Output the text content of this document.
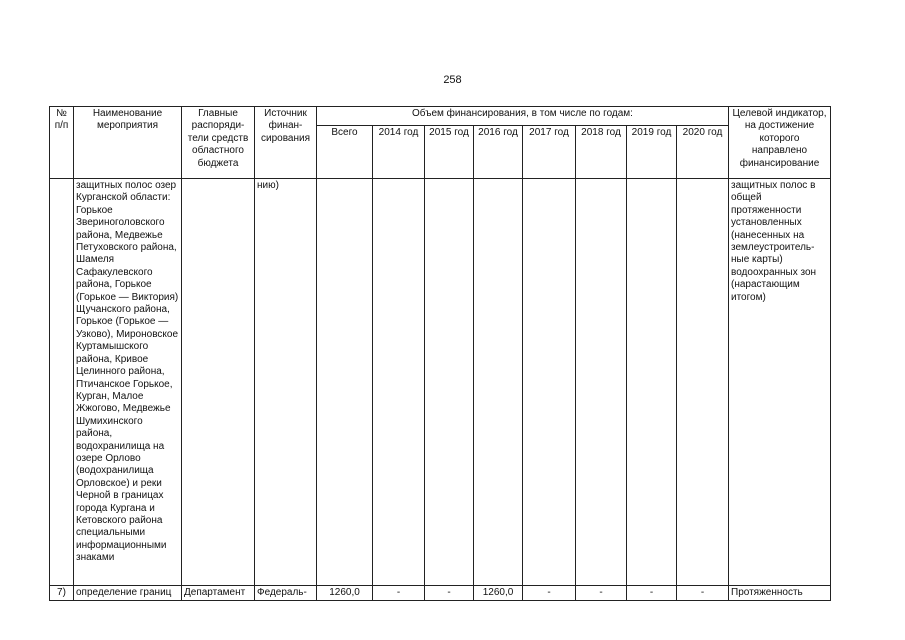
258
№ п/п	Наименование мероприятия	Главные распоряди-тели средств областного бюджета	Источник финан-сирования	Объем финансирования, в том числе по годам:								Целевой индикатор, на достижение которого направлено финансирование
				Всего	2014 год	2015 год	2016 год	2017 год	2018 год	2019 год	2020 год	
	защитных полос озер Курганской области: Горькое Звериноголовского района, Медвежье Петуховского района, Шамеля Сафакулевского района, Горькое (Горькое — Виктория) Щучанского района, Горькое (Горькое — Узково), Мироновское Куртамышского района, Кривое Целинного района, Птичанское Горькое, Курган, Малое Жжогово, Медвежье Шумихинского района, водохранилища на озере Орлово (водохранилища Орловское) и реки Черной в границах города Кургана и Кетовского района специальными информационными знаками		нию)									защитных полос в общей протяженности установленных (нанесенных на землеустроитель-ные карты) водоохранных зон (нарастающим итогом)
7)	определение границ	Департамент	Федераль-	1260,0	-	-	1260,0	-	-	-	-	Протяженность
